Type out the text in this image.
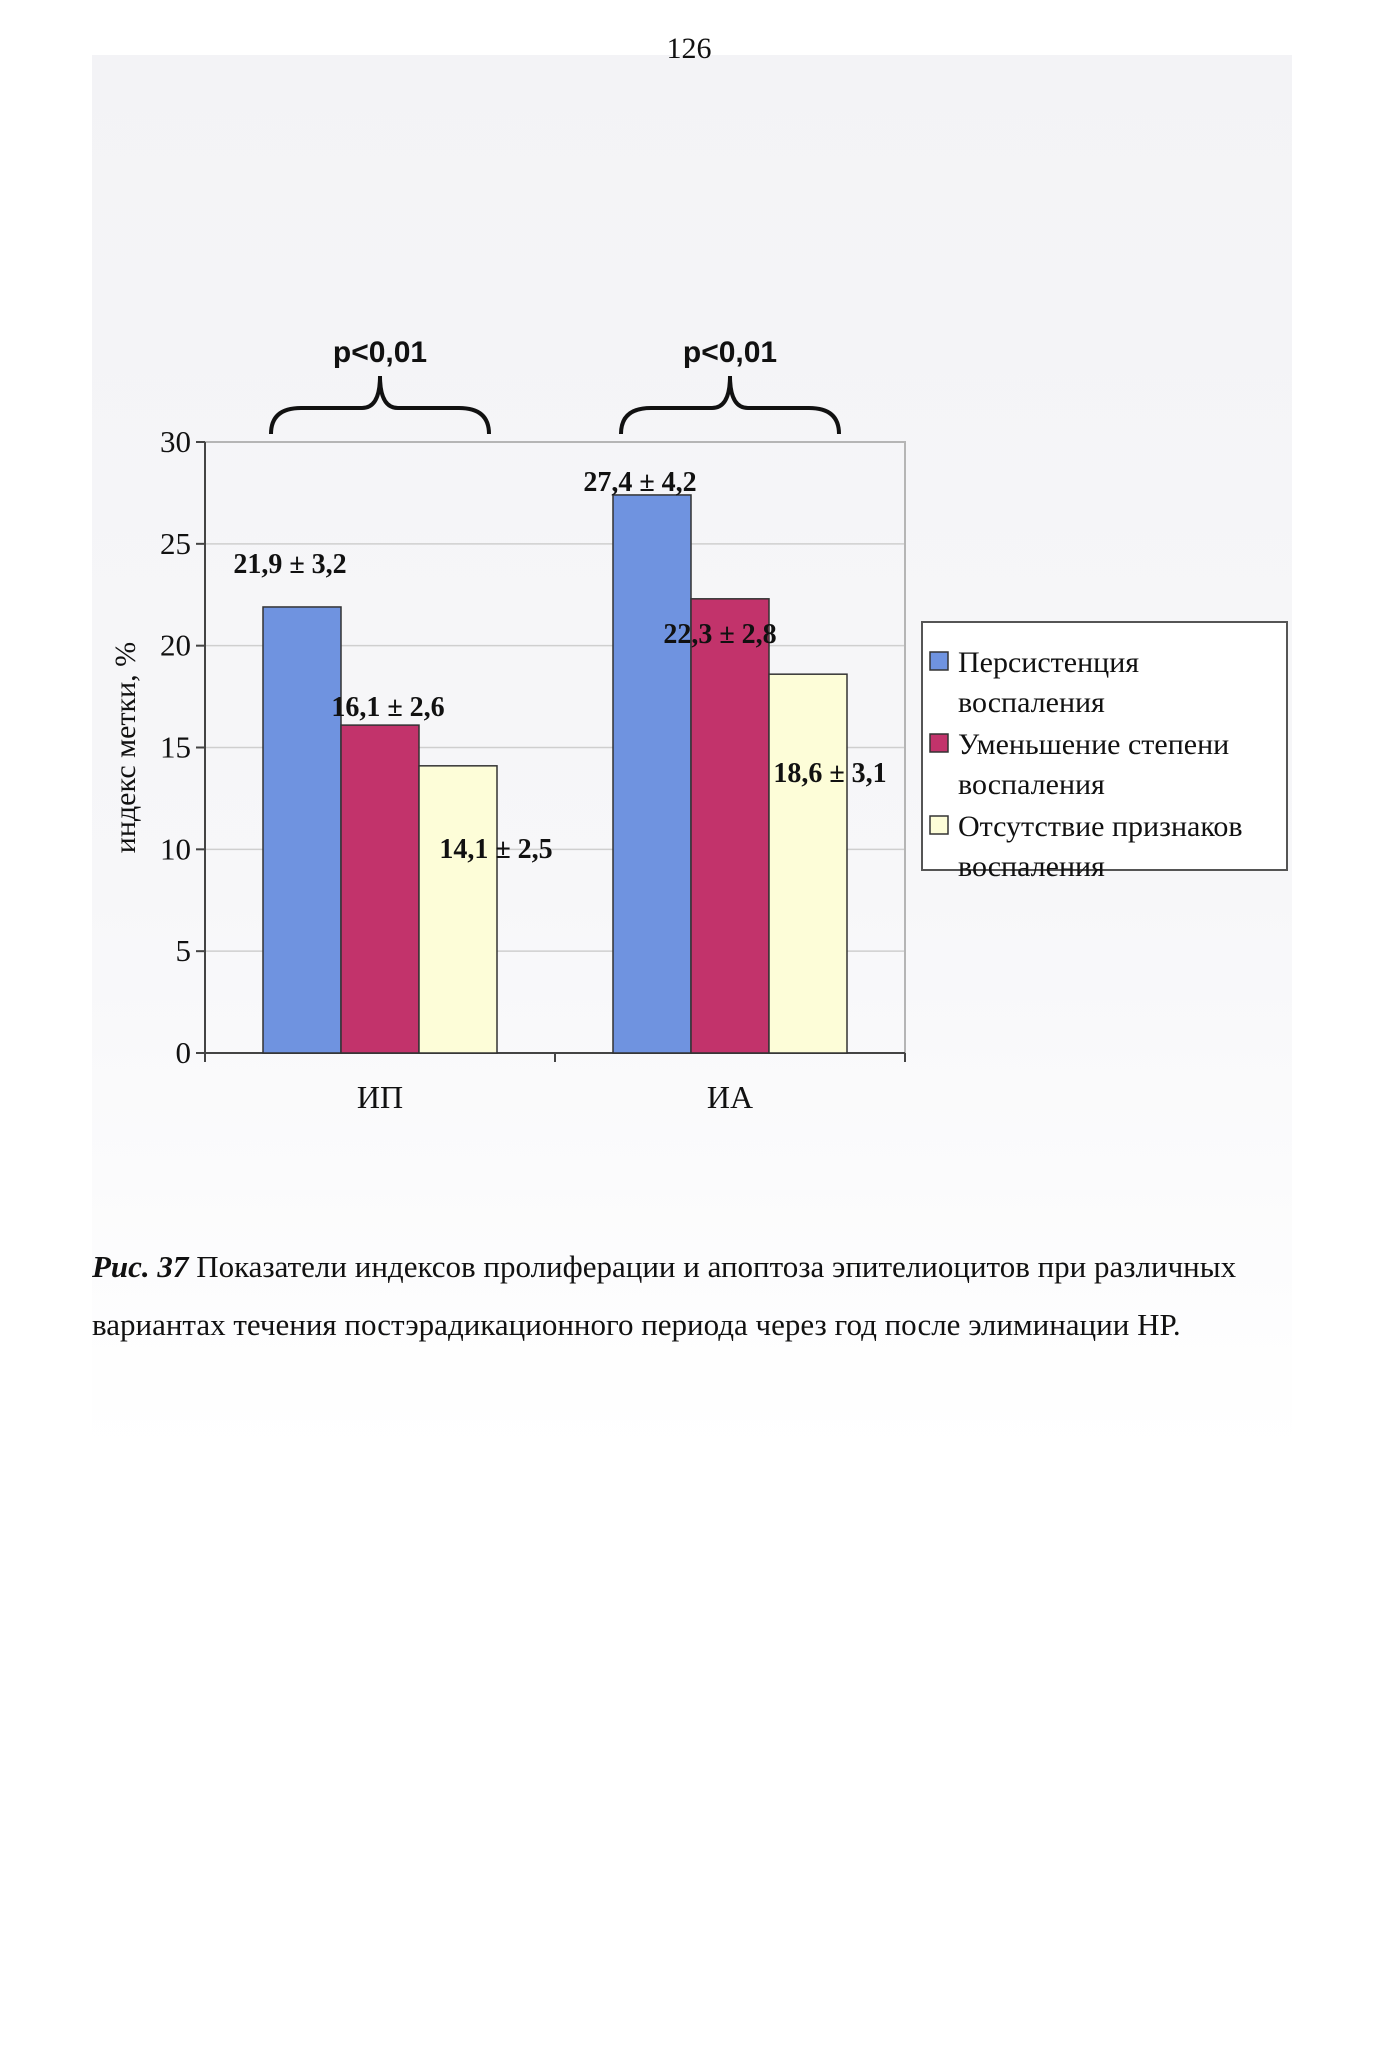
126
0
5
10
15
20
25
30
индекс метки, %
21,9 ± 3,2
16,1 ± 2,6
14,1 ± 2,5
ИП
p<0,01
27,4 ± 4,2
22,3 ± 2,8
18,6 ± 3,1
ИА
p<0,01
Персистенция
воспаления
Уменьшение степени
воспаления
Отсутствие признаков
воспаления
Рис. 37 Показатели индексов пролиферации и апоптоза эпителиоцитов при различных вариантах течения постэрадикационного периода через год после элиминации НР.
